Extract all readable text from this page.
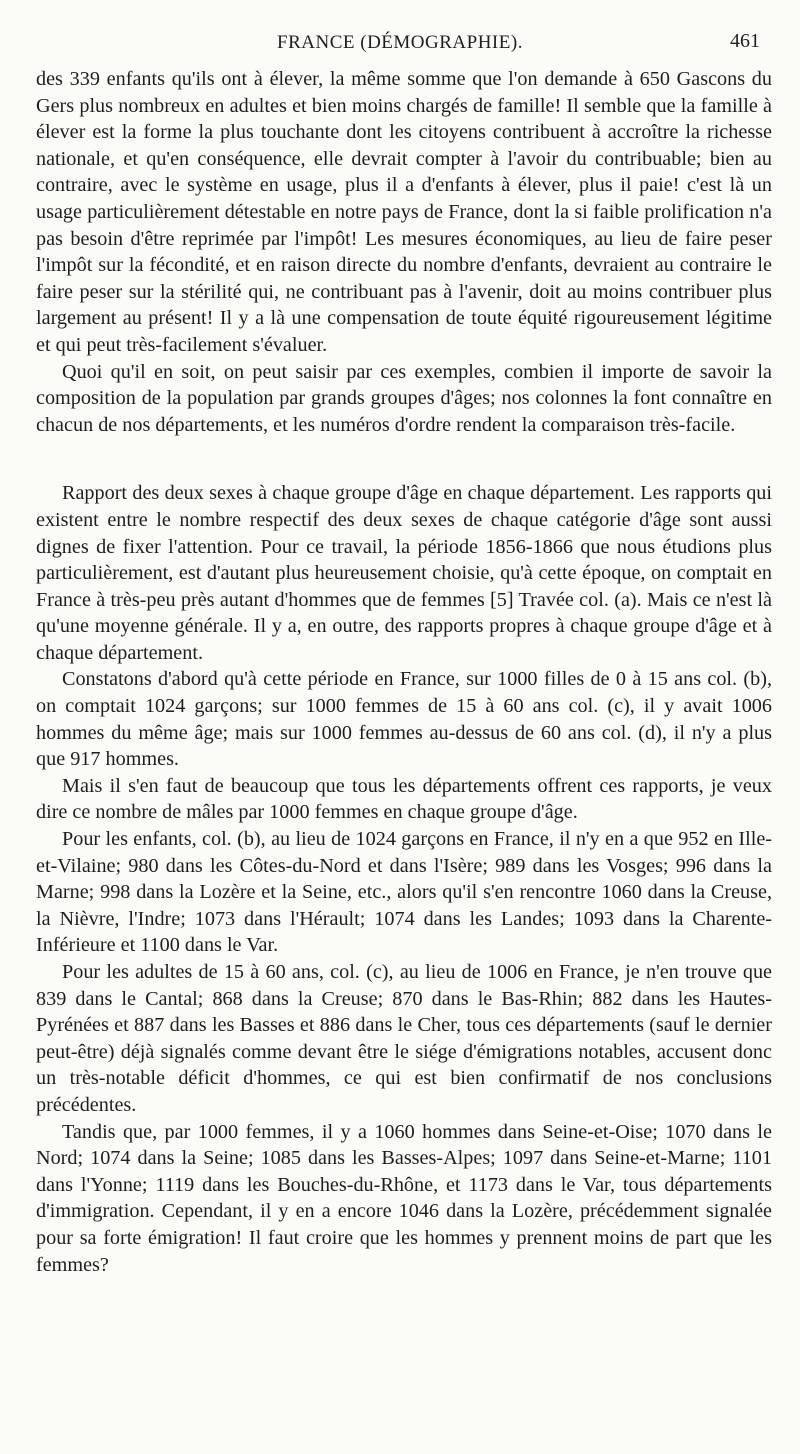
FRANCE (DÉMOGRAPHIE).	461

des 339 enfants qu'ils ont à élever, la même somme que l'on demande à 650 Gascons du Gers plus nombreux en adultes et bien moins chargés de famille! Il semble que la famille à élever est la forme la plus touchante dont les citoyens contribuent à accroître la richesse nationale, et qu'en conséquence, elle devrait compter à l'avoir du contribuable; bien au contraire, avec le système en usage, plus il a d'enfants à élever, plus il paie! c'est là un usage particulièrement détestable en notre pays de France, dont la si faible prolification n'a pas besoin d'être reprimée par l'impôt! Les mesures économiques, au lieu de faire peser l'impôt sur la fécondité, et en raison directe du nombre d'enfants, devraient au contraire le faire peser sur la stérilité qui, ne contribuant pas à l'avenir, doit au moins contribuer plus largement au présent! Il y a là une compensation de toute équité rigoureusement légitime et qui peut très-facilement s'évaluer.

Quoi qu'il en soit, on peut saisir par ces exemples, combien il importe de savoir la composition de la population par grands groupes d'âges; nos colonnes la font connaître en chacun de nos départements, et les numéros d'ordre rendent la comparaison très-facile.

Rapport des deux sexes à chaque groupe d'âge en chaque département. Les rapports qui existent entre le nombre respectif des deux sexes de chaque catégorie d'âge sont aussi dignes de fixer l'attention. Pour ce travail, la période 1856-1866 que nous étudions plus particulièrement, est d'autant plus heureusement choisie, qu'à cette époque, on comptait en France à très-peu près autant d'hommes que de femmes [5] Travée col. (a). Mais ce n'est là qu'une moyenne générale. Il y a, en outre, des rapports propres à chaque groupe d'âge et à chaque département.

Constatons d'abord qu'à cette période en France, sur 1000 filles de 0 à 15 ans col. (b), on comptait 1024 garçons; sur 1000 femmes de 15 à 60 ans col. (c), il y avait 1006 hommes du même âge; mais sur 1000 femmes au-dessus de 60 ans col. (d), il n'y a plus que 917 hommes.

Mais il s'en faut de beaucoup que tous les départements offrent ces rapports, je veux dire ce nombre de mâles par 1000 femmes en chaque groupe d'âge.

Pour les enfants, col. (b), au lieu de 1024 garçons en France, il n'y en a que 952 en Ille-et-Vilaine; 980 dans les Côtes-du-Nord et dans l'Isère; 989 dans les Vosges; 996 dans la Marne; 998 dans la Lozère et la Seine, etc., alors qu'il s'en rencontre 1060 dans la Creuse, la Nièvre, l'Indre; 1073 dans l'Hérault; 1074 dans les Landes; 1093 dans la Charente-Inférieure et 1100 dans le Var.

Pour les adultes de 15 à 60 ans, col. (c), au lieu de 1006 en France, je n'en trouve que 839 dans le Cantal; 868 dans la Creuse; 870 dans le Bas-Rhin; 882 dans les Hautes-Pyrénées et 887 dans les Basses et 886 dans le Cher, tous ces départements (sauf le dernier peut-être) déjà signalés comme devant être le siége d'émigrations notables, accusent donc un très-notable déficit d'hommes, ce qui est bien confirmatif de nos conclusions précédentes.

Tandis que, par 1000 femmes, il y a 1060 hommes dans Seine-et-Oise; 1070 dans le Nord; 1074 dans la Seine; 1085 dans les Basses-Alpes; 1097 dans Seine-et-Marne; 1101 dans l'Yonne; 1119 dans les Bouches-du-Rhône, et 1173 dans le Var, tous départements d'immigration. Cependant, il y en a encore 1046 dans la Lozère, précédemment signalée pour sa forte émigration! Il faut croire que les hommes y prennent moins de part que les femmes?
